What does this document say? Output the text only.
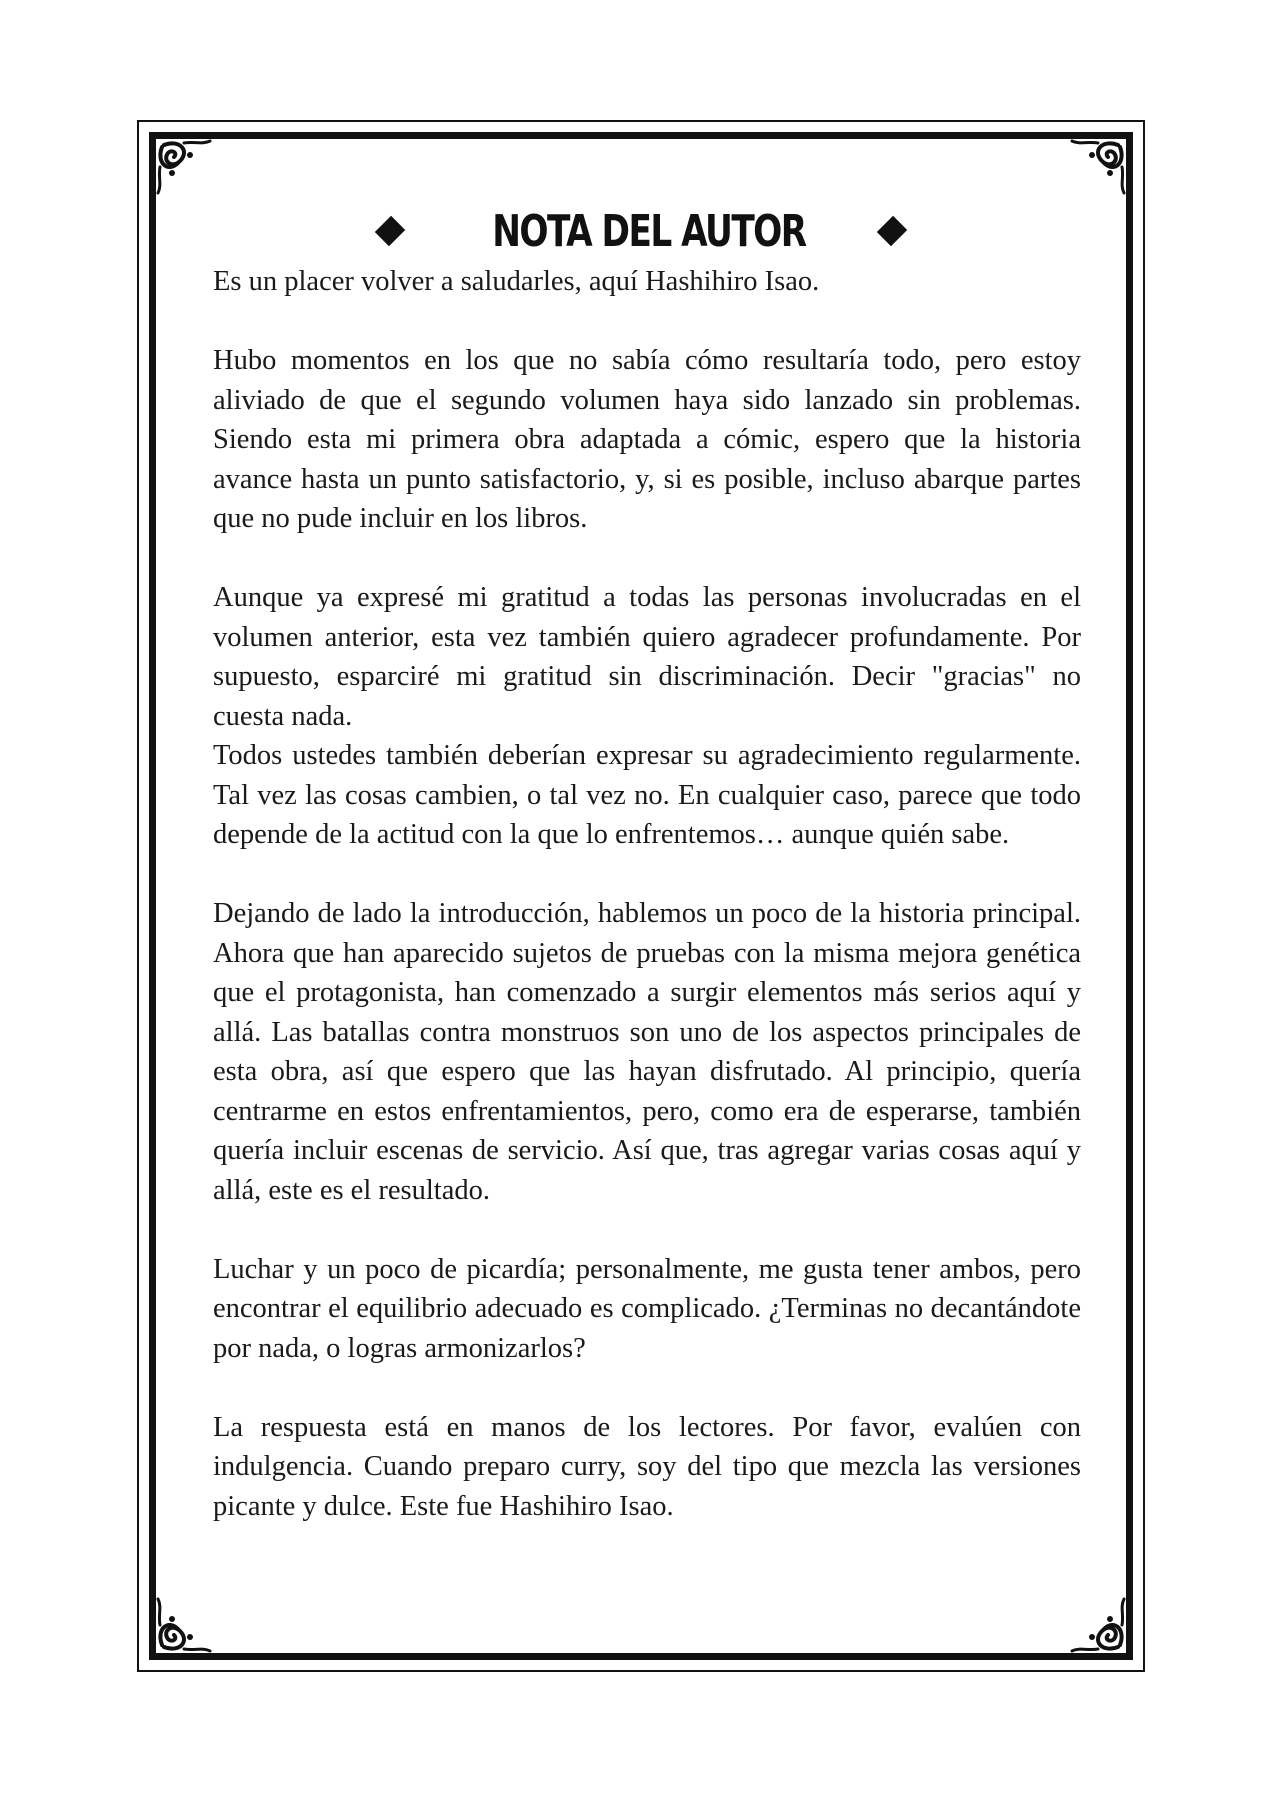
NOTA DEL AUTOR

Es un placer volver a saludarles, aquí Hashihiro Isao.

Hubo momentos en los que no sabía cómo resultaría todo, pero estoy aliviado de que el segundo volumen haya sido lanzado sin problemas. Siendo esta mi primera obra adaptada a cómic, espero que la historia avance hasta un punto satisfactorio, y, si es posible, incluso abarque partes que no pude incluir en los libros.

Aunque ya expresé mi gratitud a todas las personas involucradas en el volumen anterior, esta vez también quiero agradecer profundamente. Por supuesto, esparciré mi gratitud sin discriminación. Decir "gracias" no cuesta nada.

Todos ustedes también deberían expresar su agradecimiento regularmente. Tal vez las cosas cambien, o tal vez no. En cualquier caso, parece que todo depende de la actitud con la que lo enfrentemos… aunque quién sabe.

Dejando de lado la introducción, hablemos un poco de la historia principal. Ahora que han aparecido sujetos de pruebas con la misma mejora genética que el protagonista, han comenzado a surgir elementos más serios aquí y allá. Las batallas contra monstruos son uno de los aspectos principales de esta obra, así que espero que las hayan disfrutado. Al principio, quería centrarme en estos enfrentamientos, pero, como era de esperarse, también quería incluir escenas de servicio. Así que, tras agregar varias cosas aquí y allá, este es el resultado.

Luchar y un poco de picardía; personalmente, me gusta tener ambos, pero encontrar el equilibrio adecuado es complicado. ¿Terminas no decantándote por nada, o logras armonizarlos?

La respuesta está en manos de los lectores. Por favor, evalúen con indulgencia. Cuando preparo curry, soy del tipo que mezcla las versiones picante y dulce. Este fue Hashihiro Isao.
